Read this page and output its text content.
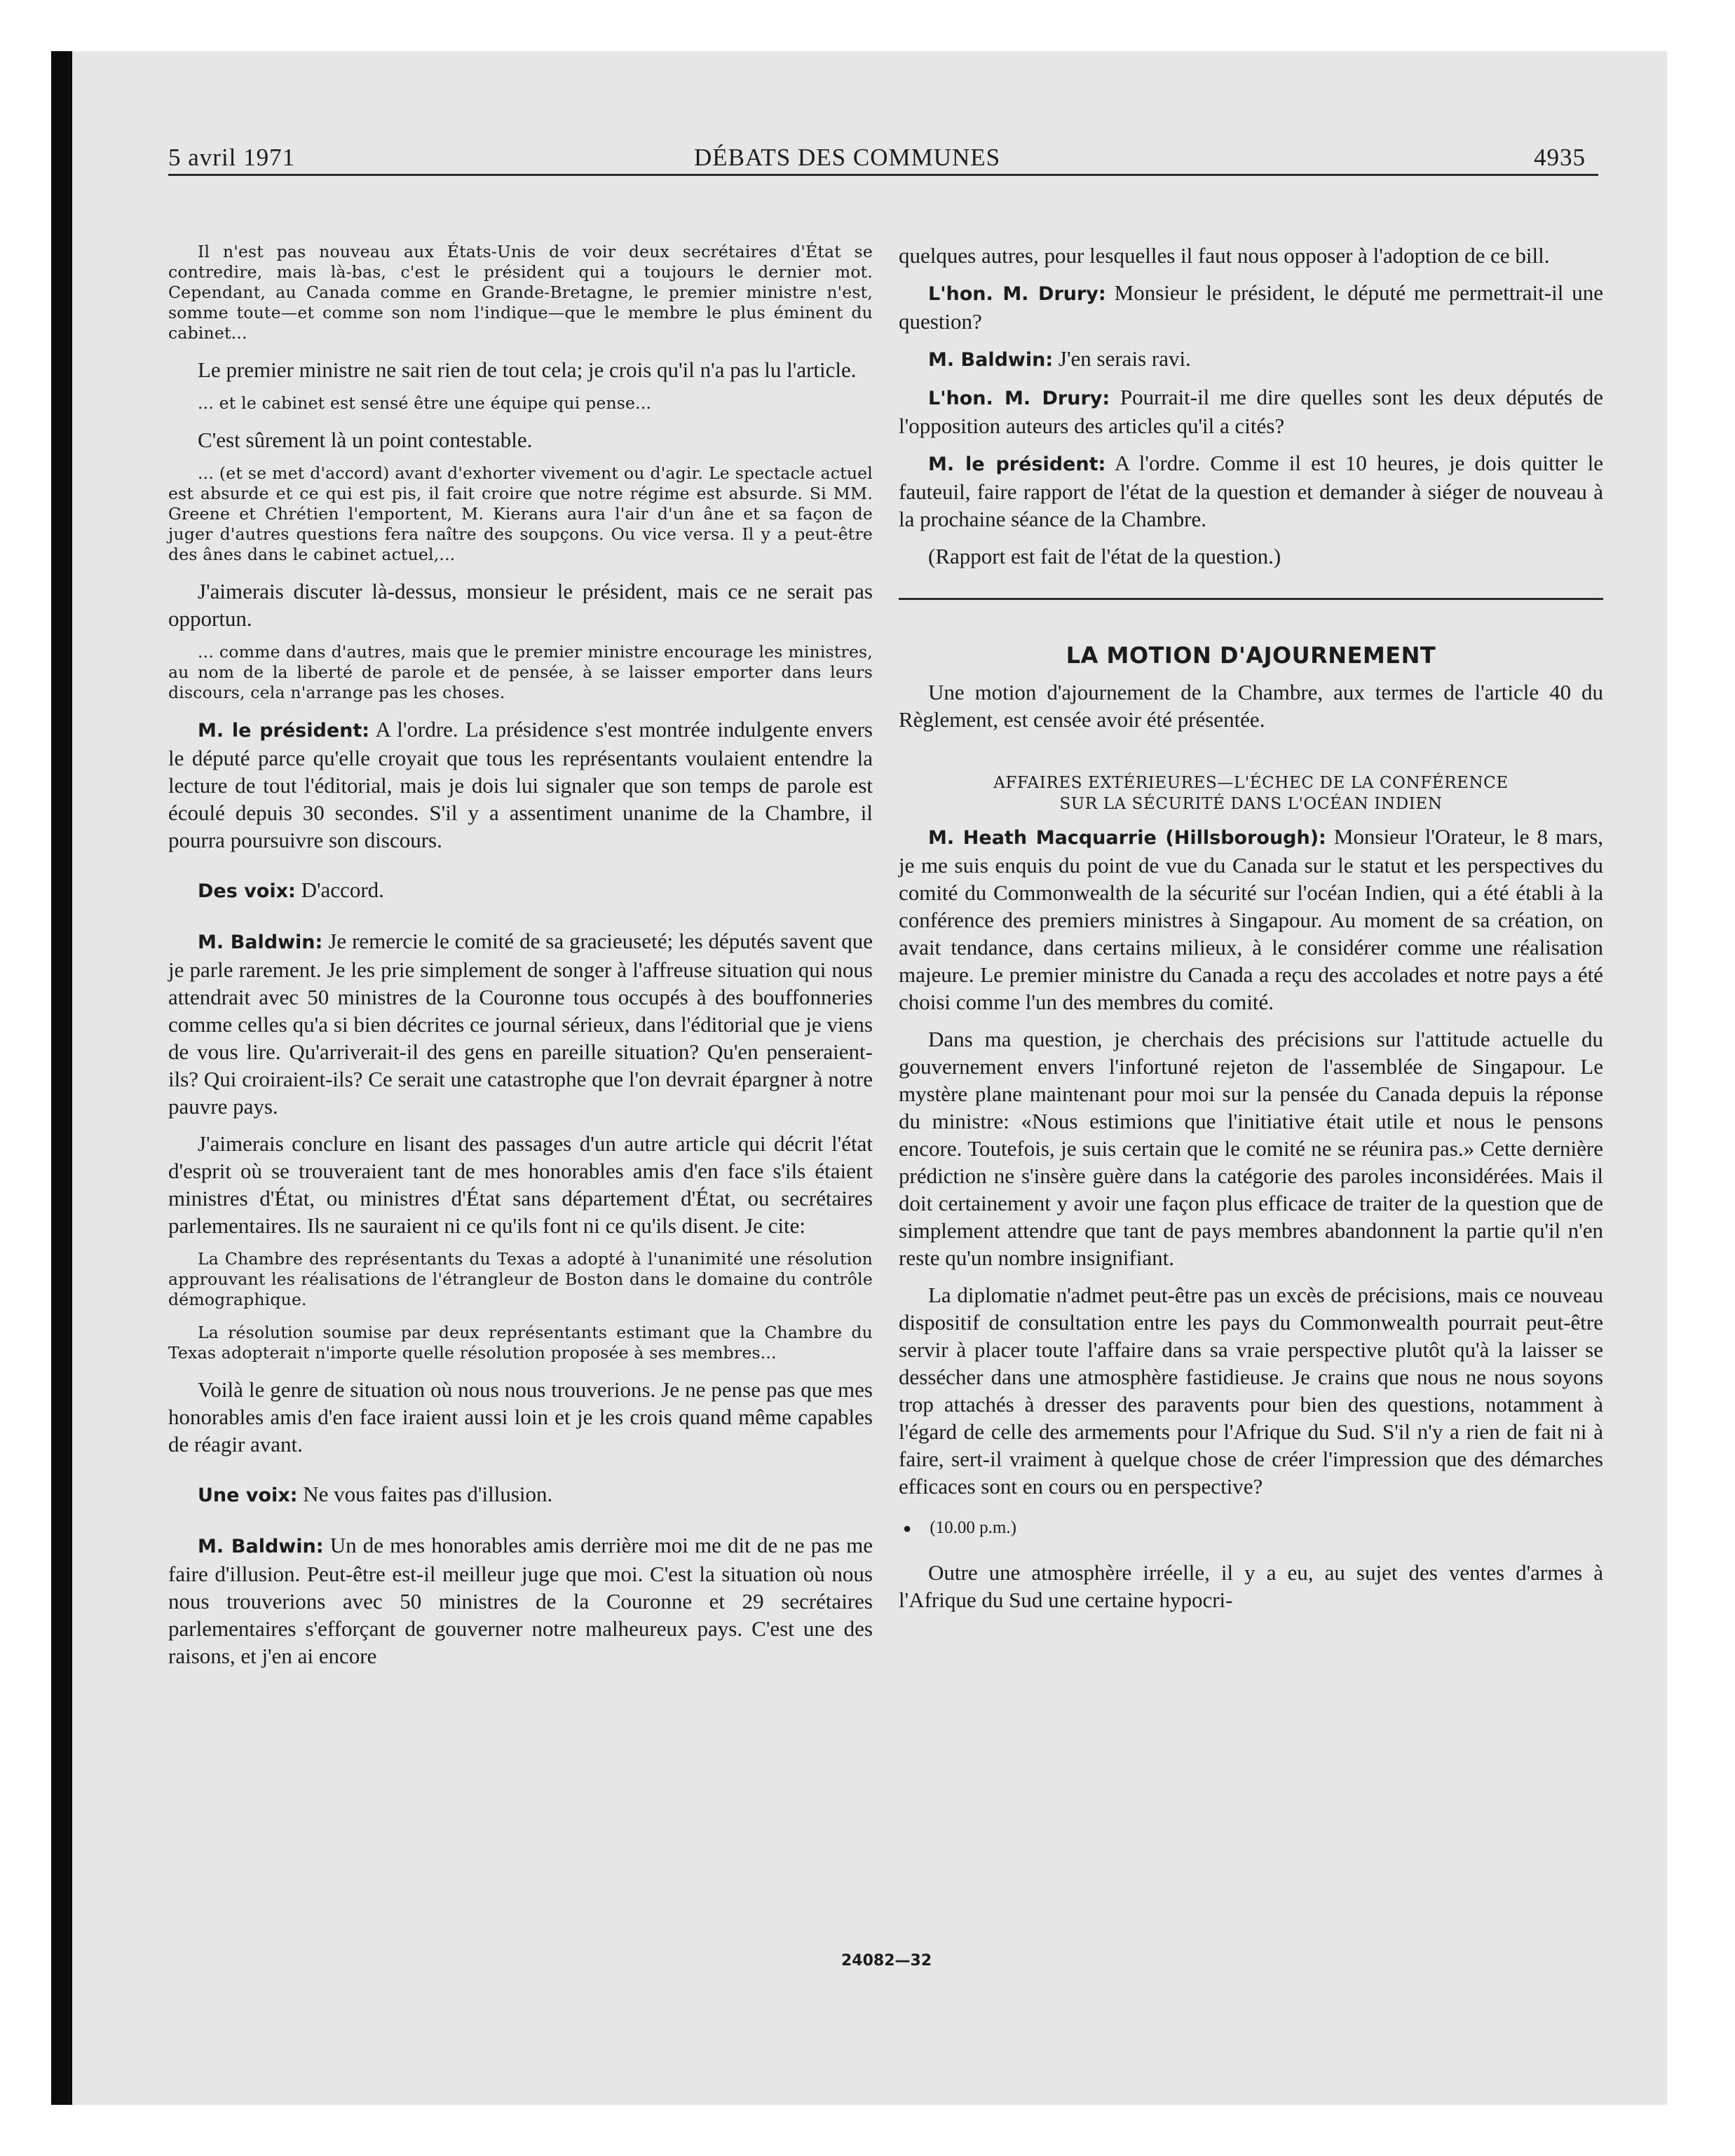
5 avril 1971	DÉBATS DES COMMUNES	4935

Il n'est pas nouveau aux États-Unis de voir deux secrétaires d'État se contredire, mais là-bas, c'est le président qui a toujours le dernier mot. Cependant, au Canada comme en Grande-Bretagne, le premier ministre n'est, somme toute—et comme son nom l'indique—que le membre le plus éminent du cabinet...

Le premier ministre ne sait rien de tout cela; je crois qu'il n'a pas lu l'article.

... et le cabinet est sensé être une équipe qui pense...

C'est sûrement là un point contestable.

... (et se met d'accord) avant d'exhorter vivement ou d'agir. Le spectacle actuel est absurde et ce qui est pis, il fait croire que notre régime est absurde. Si MM. Greene et Chrétien l'emportent, M. Kierans aura l'air d'un âne et sa façon de juger d'autres questions fera naître des soupçons. Ou vice versa. Il y a peut-être des ânes dans le cabinet actuel,...

J'aimerais discuter là-dessus, monsieur le président, mais ce ne serait pas opportun.

... comme dans d'autres, mais que le premier ministre encourage les ministres, au nom de la liberté de parole et de pensée, à se laisser emporter dans leurs discours, cela n'arrange pas les choses.

M. le président: A l'ordre. La présidence s'est montrée indulgente envers le député parce qu'elle croyait que tous les représentants voulaient entendre la lecture de tout l'éditorial, mais je dois lui signaler que son temps de parole est écoulé depuis 30 secondes. S'il y a assentiment unanime de la Chambre, il pourra poursuivre son discours.

Des voix: D'accord.

M. Baldwin: Je remercie le comité de sa gracieuseté; les députés savent que je parle rarement. Je les prie simplement de songer à l'affreuse situation qui nous attendrait avec 50 ministres de la Couronne tous occupés à des bouffonneries comme celles qu'a si bien décrites ce journal sérieux, dans l'éditorial que je viens de vous lire. Qu'arriverait-il des gens en pareille situation? Qu'en penseraient-ils? Qui croiraient-ils? Ce serait une catastrophe que l'on devrait épargner à notre pauvre pays.

J'aimerais conclure en lisant des passages d'un autre article qui décrit l'état d'esprit où se trouveraient tant de mes honorables amis d'en face s'ils étaient ministres d'État, ou ministres d'État sans département d'État, ou secrétaires parlementaires. Ils ne sauraient ni ce qu'ils font ni ce qu'ils disent. Je cite:

La Chambre des représentants du Texas a adopté à l'unanimité une résolution approuvant les réalisations de l'étrangleur de Boston dans le domaine du contrôle démographique.

La résolution soumise par deux représentants estimant que la Chambre du Texas adopterait n'importe quelle résolution proposée à ses membres...

Voilà le genre de situation où nous nous trouverions. Je ne pense pas que mes honorables amis d'en face iraient aussi loin et je les crois quand même capables de réagir avant.

Une voix: Ne vous faites pas d'illusion.

M. Baldwin: Un de mes honorables amis derrière moi me dit de ne pas me faire d'illusion. Peut-être est-il meilleur juge que moi. C'est la situation où nous nous trouverions avec 50 ministres de la Couronne et 29 secrétaires parlementaires s'efforçant de gouverner notre malheureux pays. C'est une des raisons, et j'en ai encore

quelques autres, pour lesquelles il faut nous opposer à l'adoption de ce bill.

L'hon. M. Drury: Monsieur le président, le député me permettrait-il une question?

M. Baldwin: J'en serais ravi.

L'hon. M. Drury: Pourrait-il me dire quelles sont les deux députés de l'opposition auteurs des articles qu'il a cités?

M. le président: A l'ordre. Comme il est 10 heures, je dois quitter le fauteuil, faire rapport de l'état de la question et demander à siéger de nouveau à la prochaine séance de la Chambre.

(Rapport est fait de l'état de la question.)

LA MOTION D'AJOURNEMENT

Une motion d'ajournement de la Chambre, aux termes de l'article 40 du Règlement, est censée avoir été présentée.

AFFAIRES EXTÉRIEURES—L'ÉCHEC DE LA CONFÉRENCE
SUR LA SÉCURITÉ DANS L'OCÉAN INDIEN

M. Heath Macquarrie (Hillsborough): Monsieur l'Orateur, le 8 mars, je me suis enquis du point de vue du Canada sur le statut et les perspectives du comité du Commonwealth de la sécurité sur l'océan Indien, qui a été établi à la conférence des premiers ministres à Singapour. Au moment de sa création, on avait tendance, dans certains milieux, à le considérer comme une réalisation majeure. Le premier ministre du Canada a reçu des accolades et notre pays a été choisi comme l'un des membres du comité.

Dans ma question, je cherchais des précisions sur l'attitude actuelle du gouvernement envers l'infortuné rejeton de l'assemblée de Singapour. Le mystère plane maintenant pour moi sur la pensée du Canada depuis la réponse du ministre: «Nous estimions que l'initiative était utile et nous le pensons encore. Toutefois, je suis certain que le comité ne se réunira pas.» Cette dernière prédiction ne s'insère guère dans la catégorie des paroles inconsidérées. Mais il doit certainement y avoir une façon plus efficace de traiter de la question que de simplement attendre que tant de pays membres abandonnent la partie qu'il n'en reste qu'un nombre insignifiant.

La diplomatie n'admet peut-être pas un excès de précisions, mais ce nouveau dispositif de consultation entre les pays du Commonwealth pourrait peut-être servir à placer toute l'affaire dans sa vraie perspective plutôt qu'à la laisser se dessécher dans une atmosphère fastidieuse. Je crains que nous ne nous soyons trop attachés à dresser des paravents pour bien des questions, notamment à l'égard de celle des armements pour l'Afrique du Sud. S'il n'y a rien de fait ni à faire, sert-il vraiment à quelque chose de créer l'impression que des démarches efficaces sont en cours ou en perspective?

● (10.00 p.m.)

Outre une atmosphère irréelle, il y a eu, au sujet des ventes d'armes à l'Afrique du Sud une certaine hypocri-

24082—32
